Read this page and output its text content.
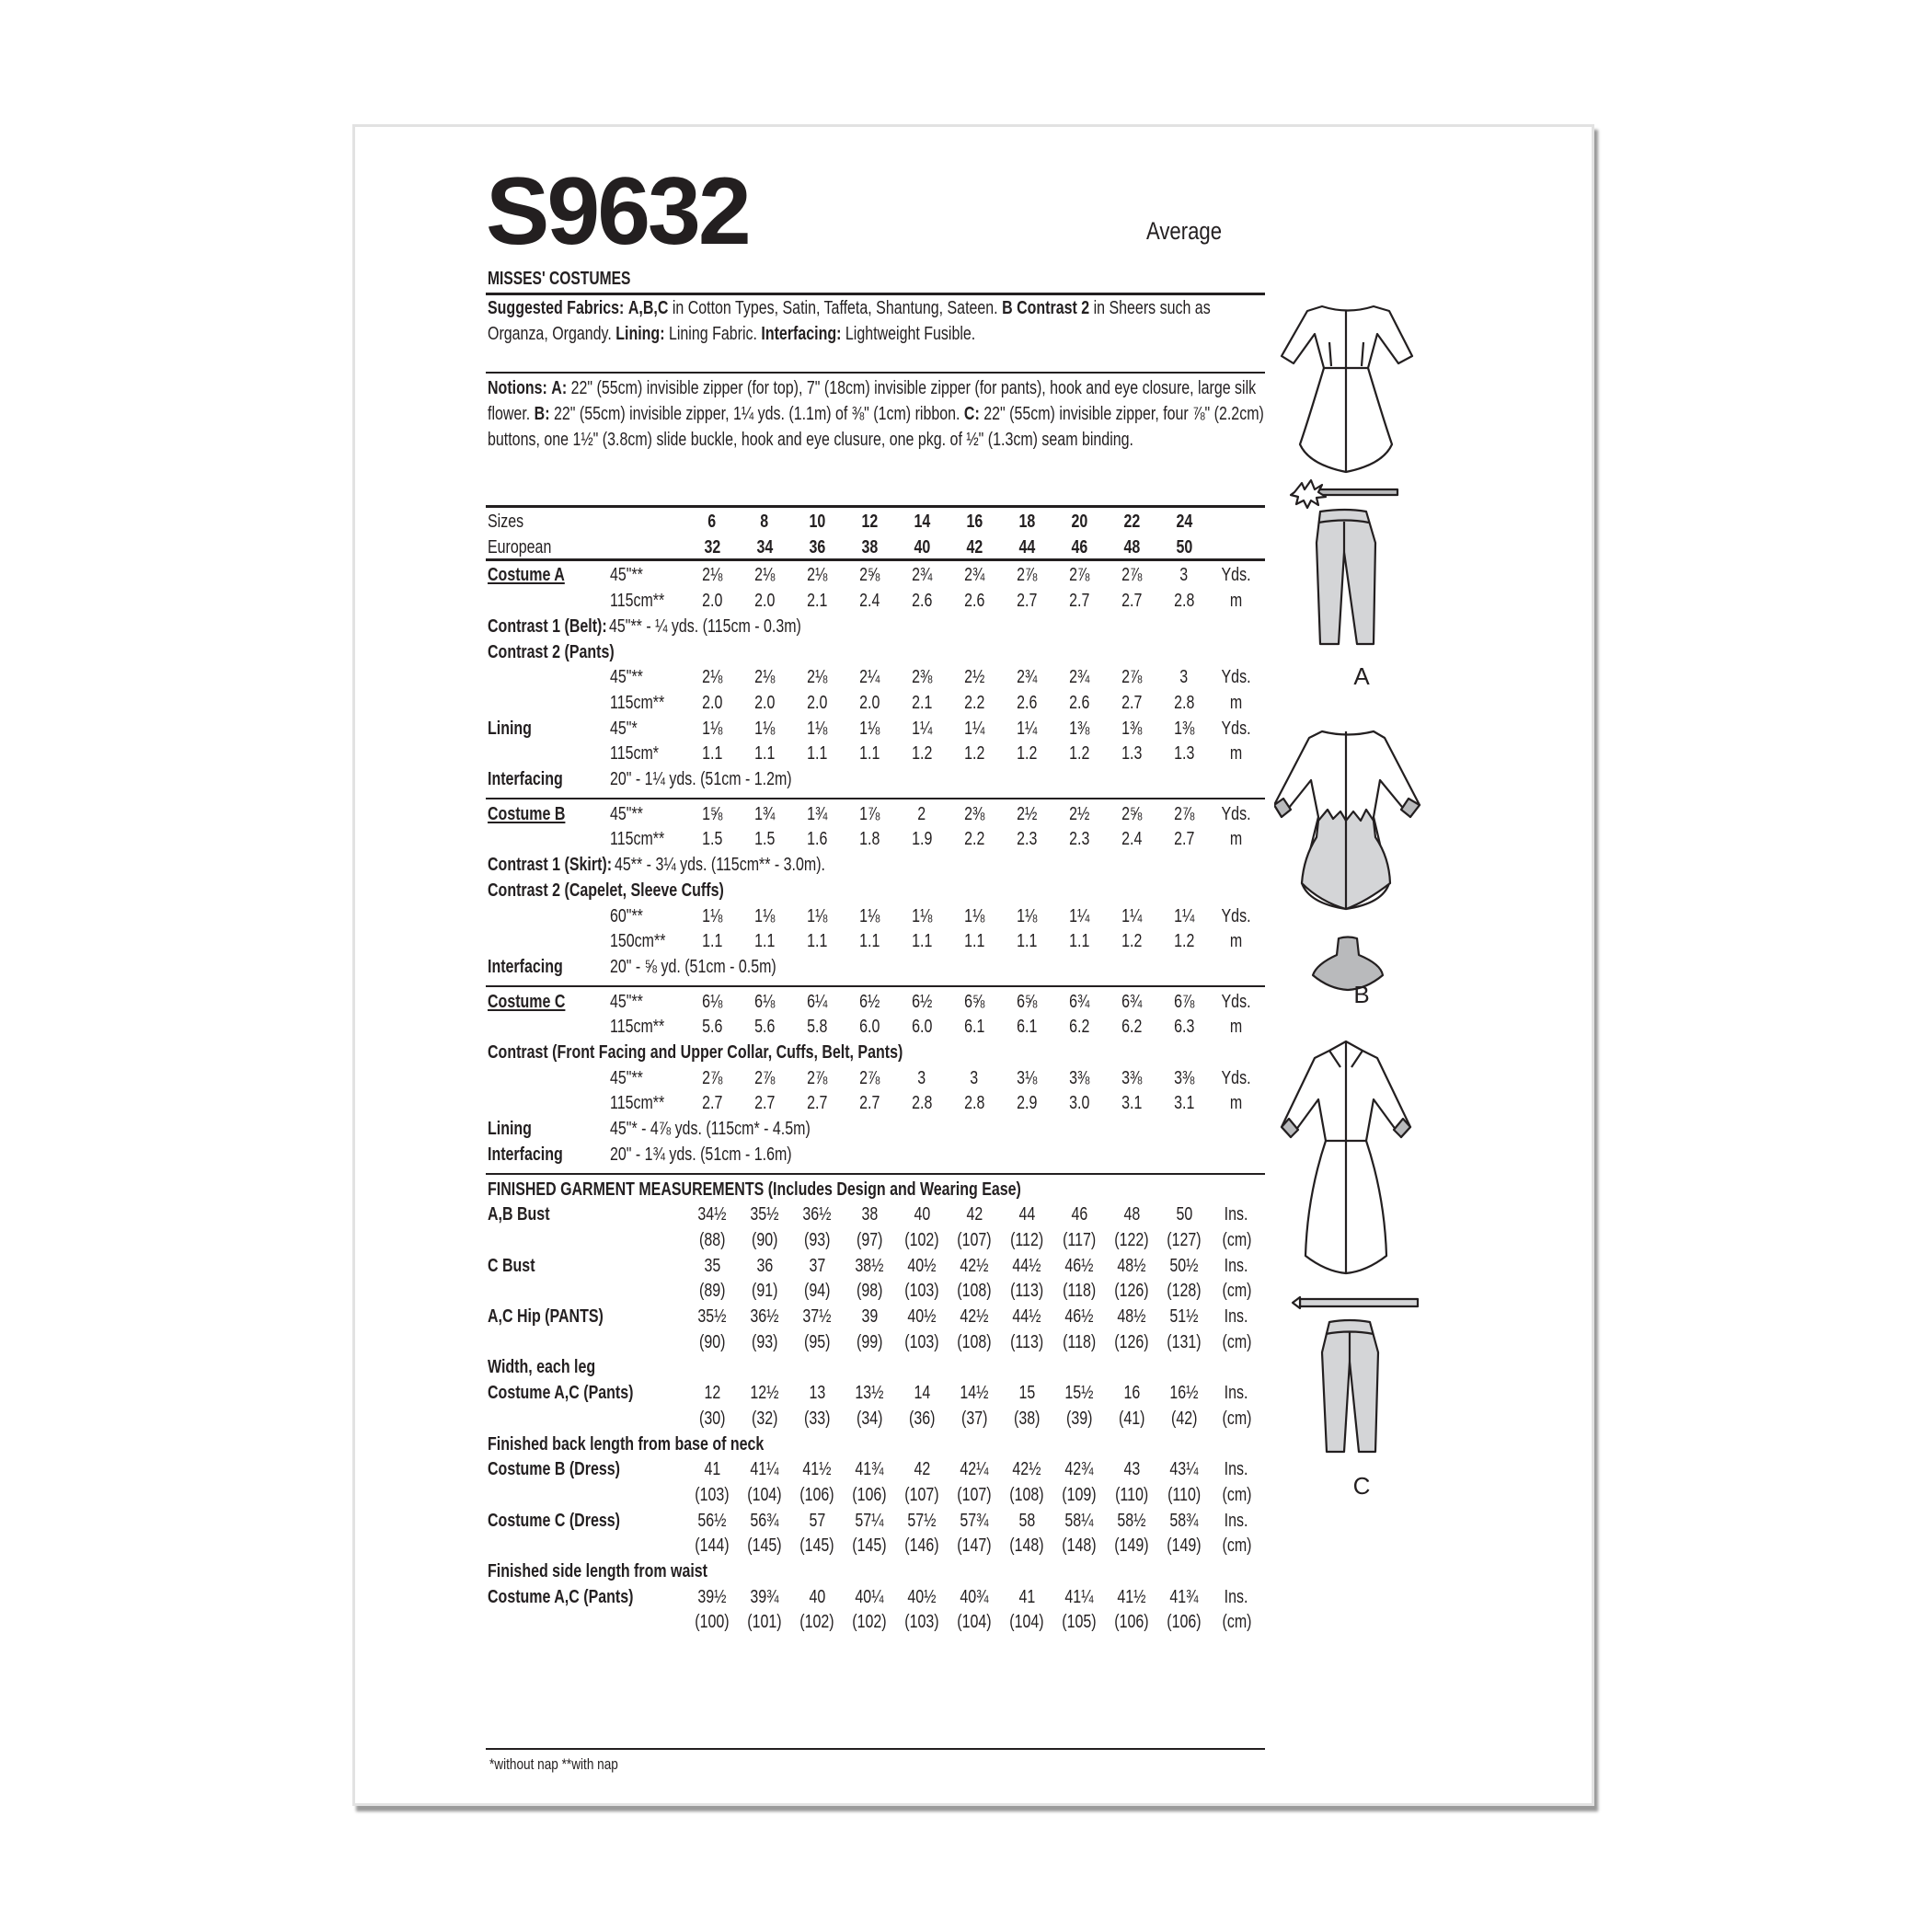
S9632	Average
MISSES' COSTUMES
Suggested Fabrics: A,B,C in Cotton Types, Satin, Taffeta, Shantung, Sateen. B Contrast 2 in Sheers such as Organza, Organdy. Lining: Lining Fabric. Interfacing: Lightweight Fusible.
Notions: A: 22" (55cm) invisible zipper (for top), 7" (18cm) invisible zipper (for pants), hook and eye closure, large silk flower. B: 22" (55cm) invisible zipper, 1¼ yds. (1.1m) of ⅜" (1cm) ribbon. C: 22" (55cm) invisible zipper, four ⅞" (2.2cm) buttons, one 1½" (3.8cm) slide buckle, hook and eye clusure, one pkg. of ½" (1.3cm) seam binding.
Sizes	6	8	10	12	14	16	18	20	22	24
European	32	34	36	38	40	42	44	46	48	50
Costume A 45"**	2⅛	2⅛	2⅛	2⅝	2¾	2¾	2⅞	2⅞	2⅞	3	Yds.
115cm**	2.0	2.0	2.1	2.4	2.6	2.6	2.7	2.7	2.7	2.8	m
Contrast 1 (Belt): 45"** - ¼ yds. (115cm - 0.3m)
Contrast 2 (Pants)
45"**	2⅛	2⅛	2⅛	2¼	2⅜	2½	2¾	2¾	2⅞	3	Yds.
115cm**	2.0	2.0	2.0	2.0	2.1	2.2	2.6	2.6	2.7	2.8	m
Lining	45"*	1⅛	1⅛	1⅛	1⅛	1¼	1¼	1¼	1⅜	1⅜	1⅜	Yds.
115cm*	1.1	1.1	1.1	1.1	1.2	1.2	1.2	1.2	1.3	1.3	m
Interfacing	20" - 1¼ yds. (51cm - 1.2m)
Costume B 45"**	1⅝	1¾	1¾	1⅞	2	2⅜	2½	2½	2⅝	2⅞	Yds.
115cm**	1.5	1.5	1.6	1.8	1.9	2.2	2.3	2.3	2.4	2.7	m
Contrast 1 (Skirt): 45** - 3¼ yds. (115cm** - 3.0m).
Contrast 2 (Capelet, Sleeve Cuffs)
60"**	1⅛	1⅛	1⅛	1⅛	1⅛	1⅛	1⅛	1¼	1¼	1¼	Yds.
150cm**	1.1	1.1	1.1	1.1	1.1	1.1	1.1	1.1	1.2	1.2	m
Interfacing	20" - ⅝ yd. (51cm - 0.5m)
Costume C 45"**	6⅛	6⅛	6¼	6½	6½	6⅝	6⅝	6¾	6¾	6⅞	Yds.
115cm**	5.6	5.6	5.8	6.0	6.0	6.1	6.1	6.2	6.2	6.3	m
Contrast (Front Facing and Upper Collar, Cuffs, Belt, Pants)
45"**	2⅞	2⅞	2⅞	2⅞	3	3	3⅛	3⅜	3⅜	3⅜	Yds.
115cm**	2.7	2.7	2.7	2.7	2.8	2.8	2.9	3.0	3.1	3.1	m
Lining	45"* - 4⅞ yds. (115cm* - 4.5m)
Interfacing	20" - 1¾ yds. (51cm - 1.6m)
FINISHED GARMENT MEASUREMENTS (Includes Design and Wearing Ease)
A,B Bust	34½	35½	36½	38	40	42	44	46	48	50	Ins.
(88)	(90)	(93)	(97)	(102) (107) (112)	(117) (122) (127)	(cm)
C Bust	35	36	37	38½	40½	42½	44½	46½	48½	50½	Ins.
(89)	(91)	(94)	(98)	(103) (108) (113)	(118) (126) (128)	(cm)
A,C Hip (PANTS)	35½	36½	37½	39	40½	42½	44½	46½	48½	51½	Ins.
(90)	(93)	(95)	(99)	(103) (108) (113)	(118) (126) (131)	(cm)
Width, each leg
Costume A,C (Pants)	12	12½	13	13½	14	14½	15	15½	16	16½	Ins.
(30)	(32)	(33)	(34)	(36)	(37)	(38)	(39)	(41)	(42)	(cm)
Finished back length from base of neck
Costume B (Dress)	41	41¼	41½	41¾	42	42¼	42½	42¾	43	43¼	Ins.
(103) (104) (106) (106) (107) (107) (108) (109) (110)	(110)	(cm)
Costume C (Dress)	56½	56¾	57	57¼	57½	57¾	58	58¼	58½	58¾	Ins.
(144) (145) (145) (145) (146) (147) (148) (148) (149) (149)	(cm)
Finished side length from waist
Costume A,C (Pants)	39½	39¾	40	40¼	40½	40¾	41	41¼	41½	41¾	Ins.
(100) (101) (102) (102) (103) (104) (104) (105) (106) (106)	(cm)
*without nap **with nap
A
B
C
